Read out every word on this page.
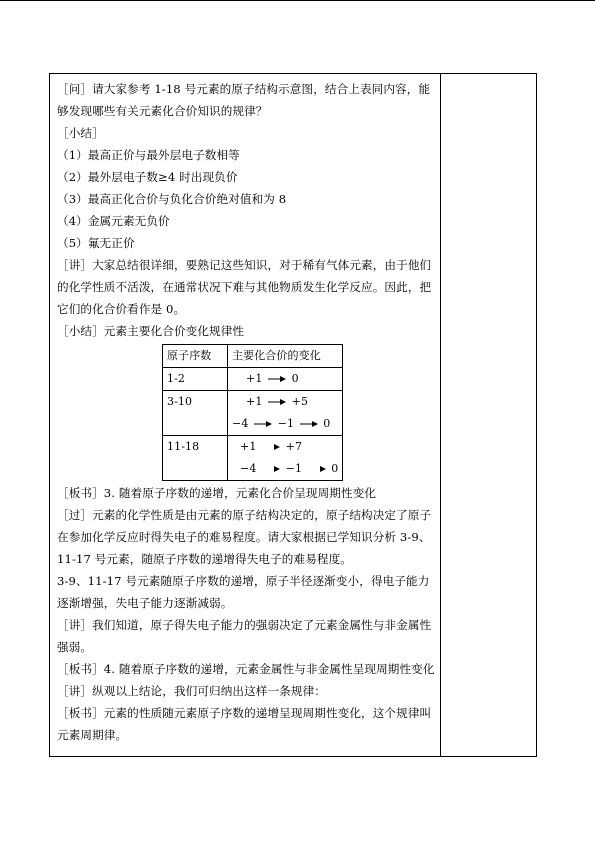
［问］请大家参考 1-18 号元素的原子结构示意图，结合上表同内容，能够发现哪些有关元素化合价知识的规律？

［小结］

（1）最高正价与最外层电子数相等

（2）最外层电子数≥4 时出现负价

（3）最高正化合价与负化合价绝对值和为 8

（4）金属元素无负价

（5）氟无正价

［讲］大家总结很详细，要熟记这些知识，对于稀有气体元素，由于他们的化学性质不活泼，在通常状况下难与其他物质发生化学反应。因此，把它们的化合价看作是 0。

［小结］元素主要化合价变化规律性

原子序数	主要化合价的变化
1-2	+1 0

3-10	+1 +5
−4 −1 0

11-18	+1 +7
−4 −1 0

［板书］3. 随着原子序数的递增，元素化合价呈现周期性变化

［过］元素的化学性质是由元素的原子结构决定的，原子结构决定了原子在参加化学反应时得失电子的难易程度。请大家根据已学知识分析 3-9、11-17 号元素，随原子序数的递增得失电子的难易程度。

3-9、11-17 号元素随原子序数的递增，原子半径逐渐变小，得电子能力逐渐增强，失电子能力逐渐减弱。

［讲］我们知道，原子得失电子能力的强弱决定了元素金属性与非金属性强弱。

［板书］4. 随着原子序数的递增，元素金属性与非金属性呈现周期性变化

［讲］纵观以上结论，我们可归纳出这样一条规律：

［板书］元素的性质随元素原子序数的递增呈现周期性变化，这个规律叫元素周期律。
